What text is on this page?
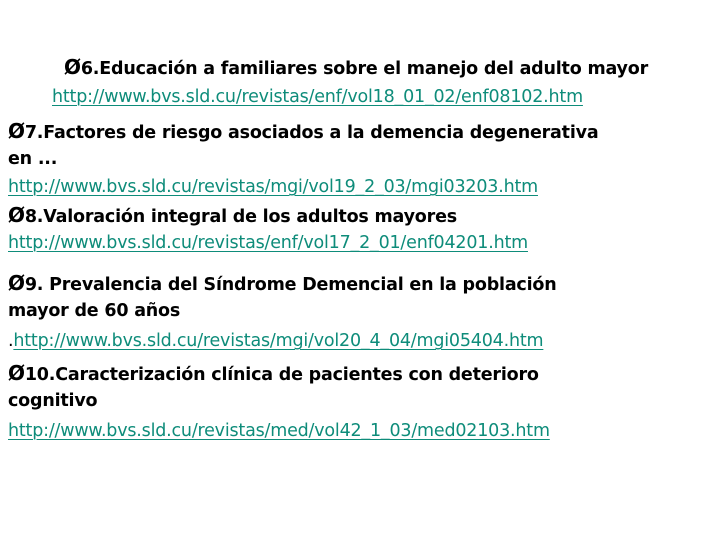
Ø6.Educación a familiares sobre el manejo del adulto mayor
http://www.bvs.sld.cu/revistas/enf/vol18_01_02/enf08102.htm
Ø7.Factores de riesgo asociados a la demencia degenerativa
en ...
http://www.bvs.sld.cu/revistas/mgi/vol19_2_03/mgi03203.htm
Ø8.Valoración integral de los adultos mayores
http://www.bvs.sld.cu/revistas/enf/vol17_2_01/enf04201.htm
Ø9. Prevalencia del Síndrome Demencial en la población
mayor de 60 años
.http://www.bvs.sld.cu/revistas/mgi/vol20_4_04/mgi05404.htm
Ø10.Caracterización clínica de pacientes con deterioro
cognitivo
http://www.bvs.sld.cu/revistas/med/vol42_1_03/med02103.htm
